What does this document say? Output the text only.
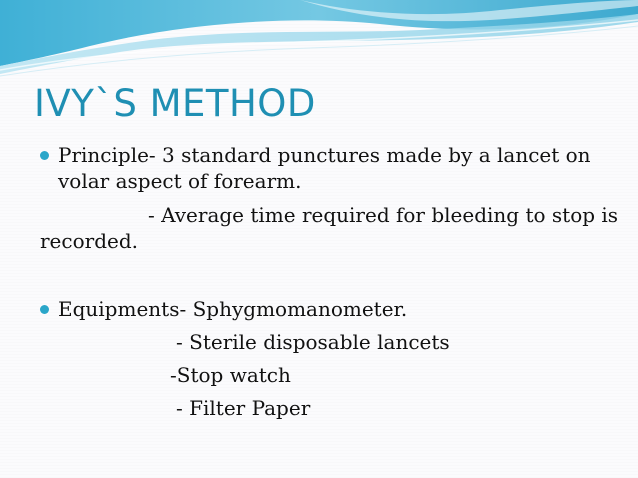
IVY`S METHOD
Principle- 3 standard punctures made by a lancet on
volar aspect of forearm.
- Average time required for bleeding to stop is
recorded.
Equipments- Sphygmomanometer.
- Sterile disposable lancets
-Stop watch
- Filter Paper
